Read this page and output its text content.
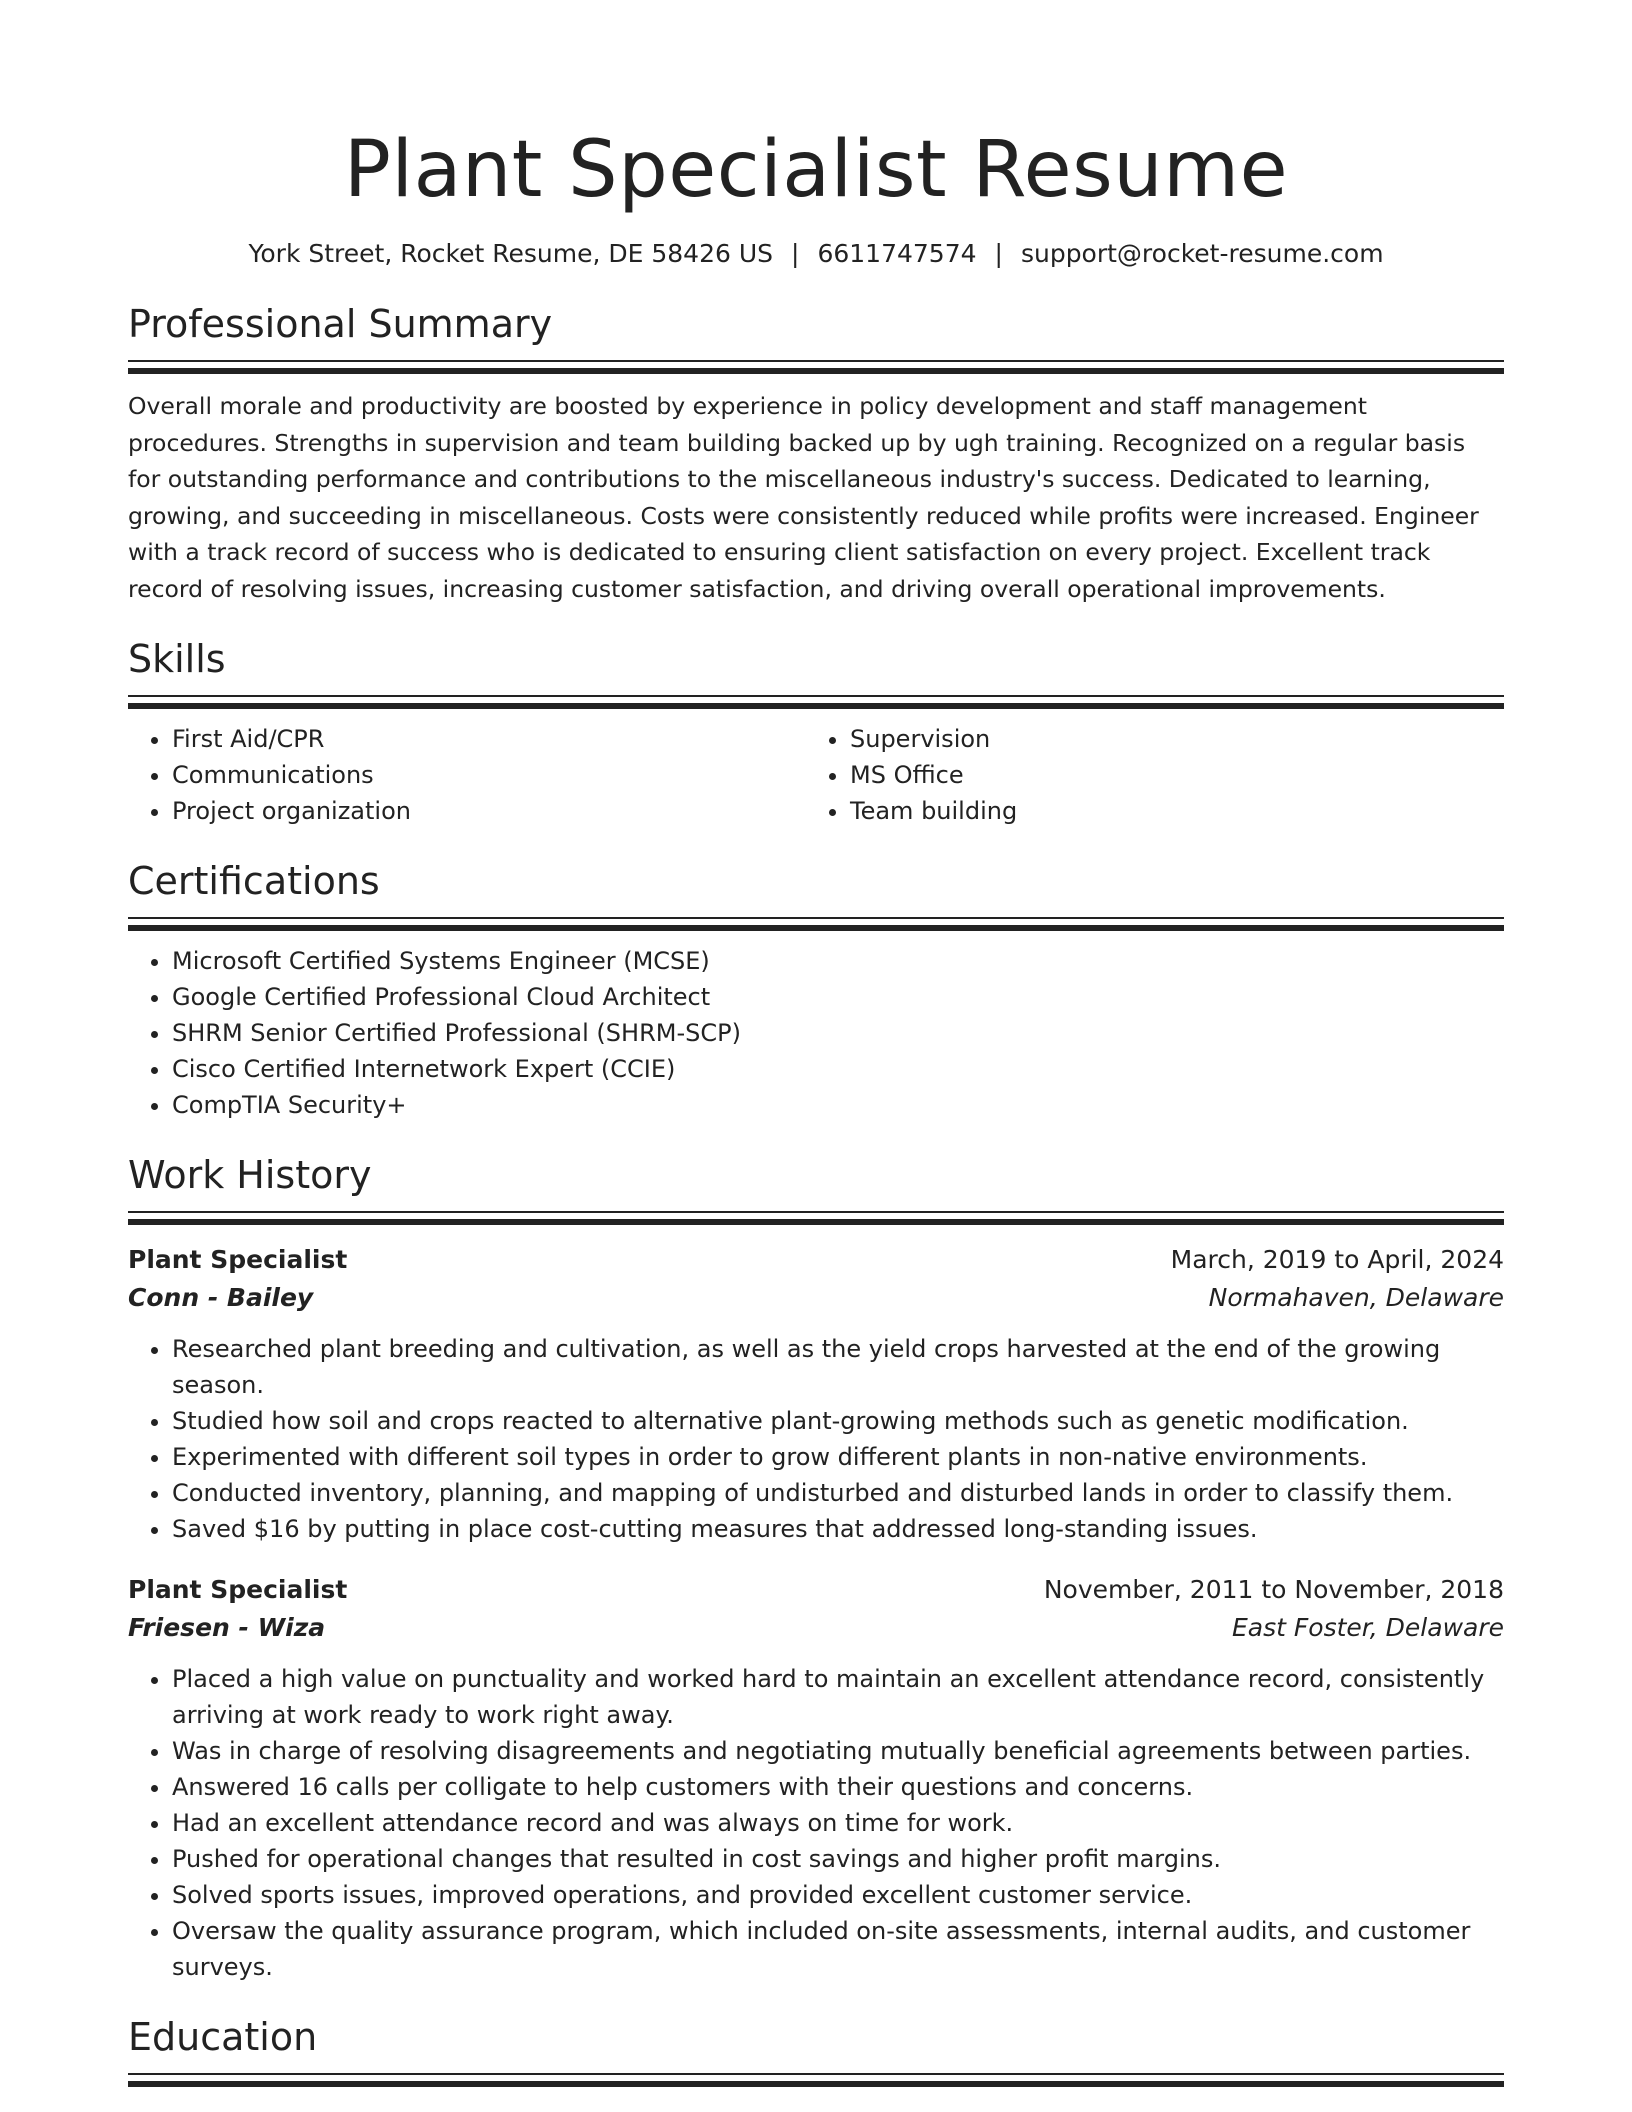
Plant Specialist Resume
York Street, Rocket Resume, DE 58426 US | 6611747574 | support@rocket-resume.com
Professional Summary

Overall morale and productivity are boosted by experience in policy development and staff management procedures. Strengths in supervision and team building backed up by ugh training. Recognized on a regular basis for outstanding performance and contributions to the miscellaneous industry's success. Dedicated to learning, growing, and succeeding in miscellaneous. Costs were consistently reduced while profits were increased. Engineer with a track record of success who is dedicated to ensuring client satisfaction on every project. Excellent track record of resolving issues, increasing customer satisfaction, and driving overall operational improvements.

Skills
• First Aid/CPR
• Communications
• Project organization
• Supervision
• MS Office
• Team building
Certifications
• Microsoft Certified Systems Engineer (MCSE)
• Google Certified Professional Cloud Architect
• SHRM Senior Certified Professional (SHRM-SCP)
• Cisco Certified Internetwork Expert (CCIE)
• CompTIA Security+
Work History
Plant Specialist	March, 2019 to April, 2024
Conn - Bailey	Normahaven, Delaware
• Researched plant breeding and cultivation, as well as the yield crops harvested at the end of the growing season.
• Studied how soil and crops reacted to alternative plant-growing methods such as genetic modification.
• Experimented with different soil types in order to grow different plants in non-native environments.
• Conducted inventory, planning, and mapping of undisturbed and disturbed lands in order to classify them.
• Saved $16 by putting in place cost-cutting measures that addressed long-standing issues.
Plant Specialist	November, 2011 to November, 2018
Friesen - Wiza	East Foster, Delaware
• Placed a high value on punctuality and worked hard to maintain an excellent attendance record, consistently arriving at work ready to work right away.
• Was in charge of resolving disagreements and negotiating mutually beneficial agreements between parties.
• Answered 16 calls per colligate to help customers with their questions and concerns.
• Had an excellent attendance record and was always on time for work.
• Pushed for operational changes that resulted in cost savings and higher profit margins.
• Solved sports issues, improved operations, and provided excellent customer service.
• Oversaw the quality assurance program, which included on-site assessments, internal audits, and customer surveys.
Education
